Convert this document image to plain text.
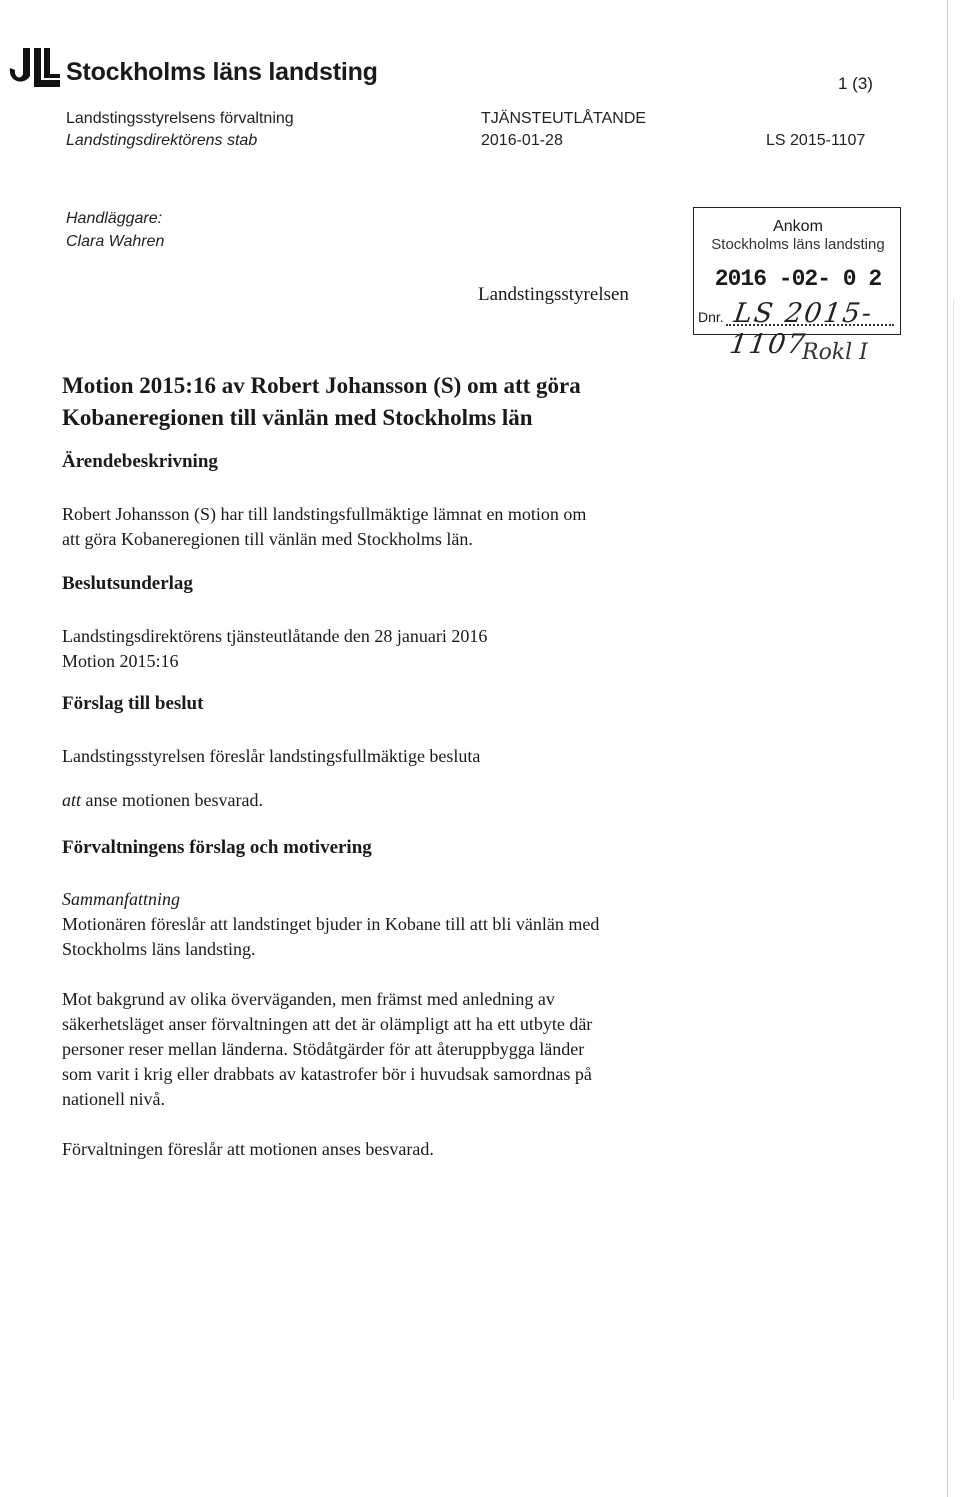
Stockholms läns landsting	1 (3)
Landstingsstyrelsens förvaltning
Landstingsdirektörens stab
TJÄNSTEUTLÅTANDE
2016-01-28	LS 2015-1107
Handläggare:
Clara Wahren
Landstingsstyrelsen
Ankom
Stockholms läns landsting
2016 -02- 0 2
Dnr. LS 2015-1107
Rokl I
Motion 2015:16 av Robert Johansson (S) om att göra
Kobaneregionen till vänlän med Stockholms län
Ärendebeskrivning
Robert Johansson (S) har till landstingsfullmäktige lämnat en motion om
att göra Kobaneregionen till vänlän med Stockholms län.
Beslutsunderlag
Landstingsdirektörens tjänsteutlåtande den 28 januari 2016
Motion 2015:16
Förslag till beslut
Landstingsstyrelsen föreslår landstingsfullmäktige besluta
att anse motionen besvarad.
Förvaltningens förslag och motivering
Sammanfattning
Motionären föreslår att landstinget bjuder in Kobane till att bli vänlän med
Stockholms läns landsting.
Mot bakgrund av olika överväganden, men främst med anledning av
säkerhetsläget anser förvaltningen att det är olämpligt att ha ett utbyte där
personer reser mellan länderna. Stödåtgärder för att återuppbygga länder
som varit i krig eller drabbats av katastrofer bör i huvudsak samordnas på
nationell nivå.
Förvaltningen föreslår att motionen anses besvarad.
